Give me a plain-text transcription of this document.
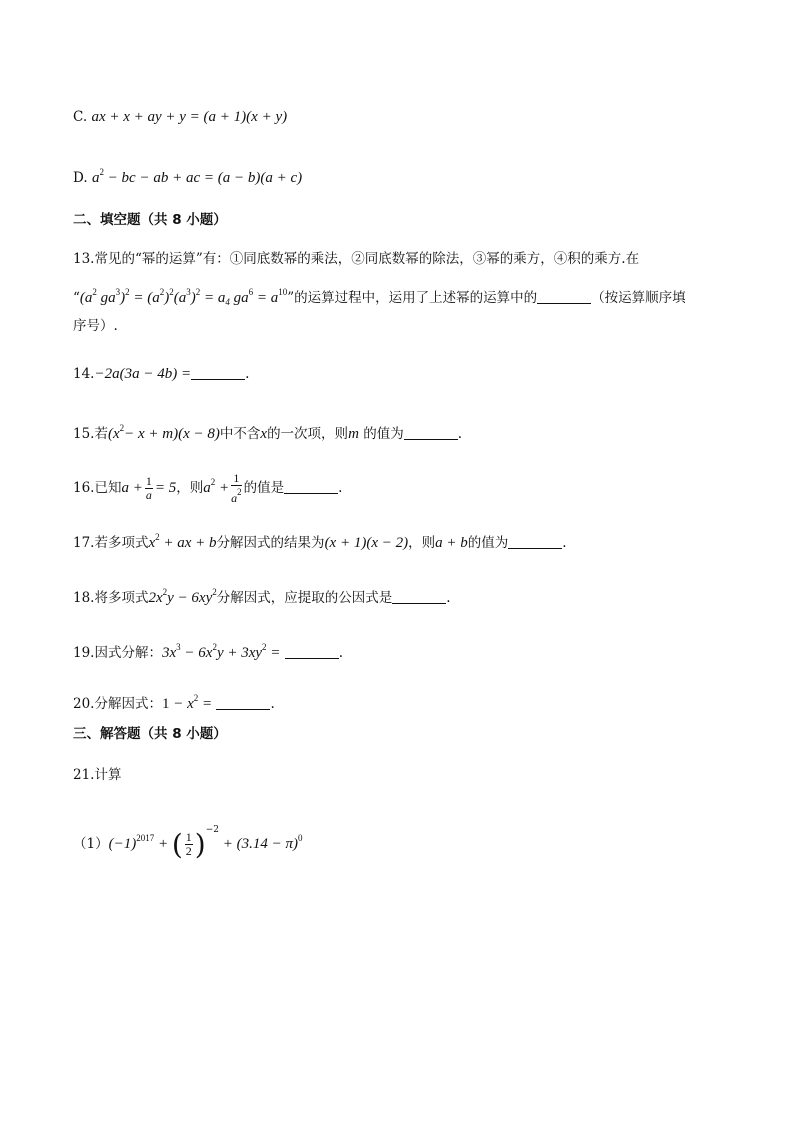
C. ax + x + ay + y = (a + 1)(x + y)
D. $a^2$ − bc − ab + ac = (a − b)(a + c)
二、填空题（共 8 小题）
13.常见的“幂的运算”有：①同底数幂的乘法，②同底数幂的除法，③幂的乘方，④积的乘方.在
“($a^2$ $ga^3)^2 = (a^2)^2(a^3)^2 = a_4$ $ga^6 = a^{10}$”的运算过程中，运用了上述幂的运算中的	（按运算顺序填
序号）.
14.−2a(3a − 4b) =	.
15.若$(x^2- x + m)(x - 8)$中不含x的一次项，则m 的值为	.
16.已知$a + \frac{1}{a} = 5$，则$a^2 + \frac{1}{a^2}$ 的值是	.
17.若多项式$x^2$ + ax + b分解因式的结果为(x + 1)(x − 2)，则a + b的值为	.
18.将多项式$2x^2y - 6xy^2$分解因式，应提取的公因式是	.
19.因式分解：$3x^3 - 6x^2y + 3xy^2$ =	.
20.分解因式：$1 - x^2$ =	.
三、解答题（共 8 小题）
21.计算
$(1)(-1)^{2017}$ + ( $\frac{1}{2} )^{-2} + (3.14 - \pi)^0$
